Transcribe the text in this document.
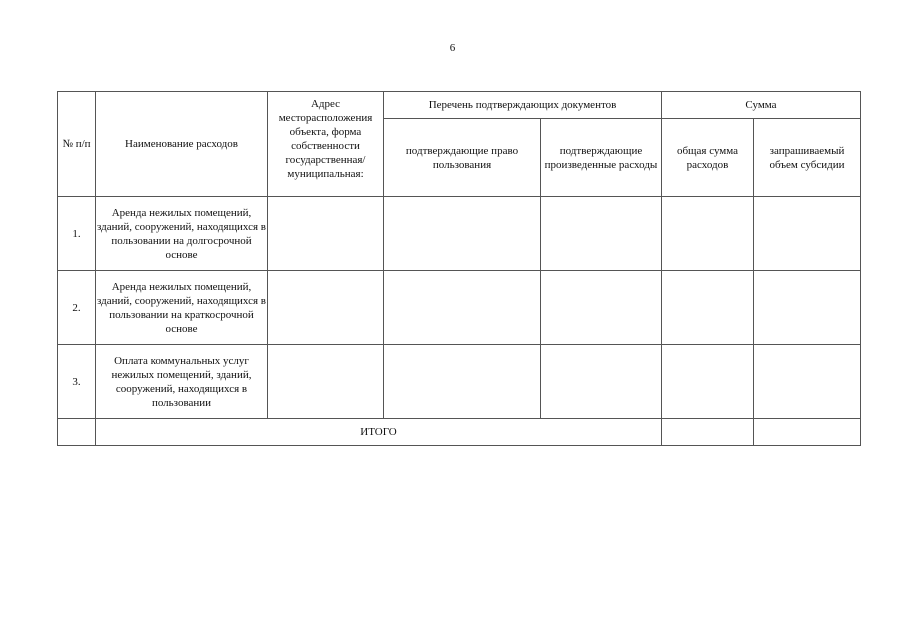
6
№ п/п	Наименование расходов	Адрес месторасположения объекта, форма собственности государственная/ муниципальная:	Перечень подтверждающих документов		Сумма	

			подтверждающие право пользования	подтверждающие произведенные расходы	общая сумма расходов	запрашиваемый объем субсидии

1.	Аренда нежилых помещений, зданий, сооружений, находящихся в пользовании на долгосрочной основе					
2.	Аренда нежилых помещений, зданий, сооружений, находящихся в пользовании на краткосрочной основе					
3.	Оплата коммунальных услуг нежилых помещений, зданий, сооружений, находящихся в пользовании					
	ИТОГО					
